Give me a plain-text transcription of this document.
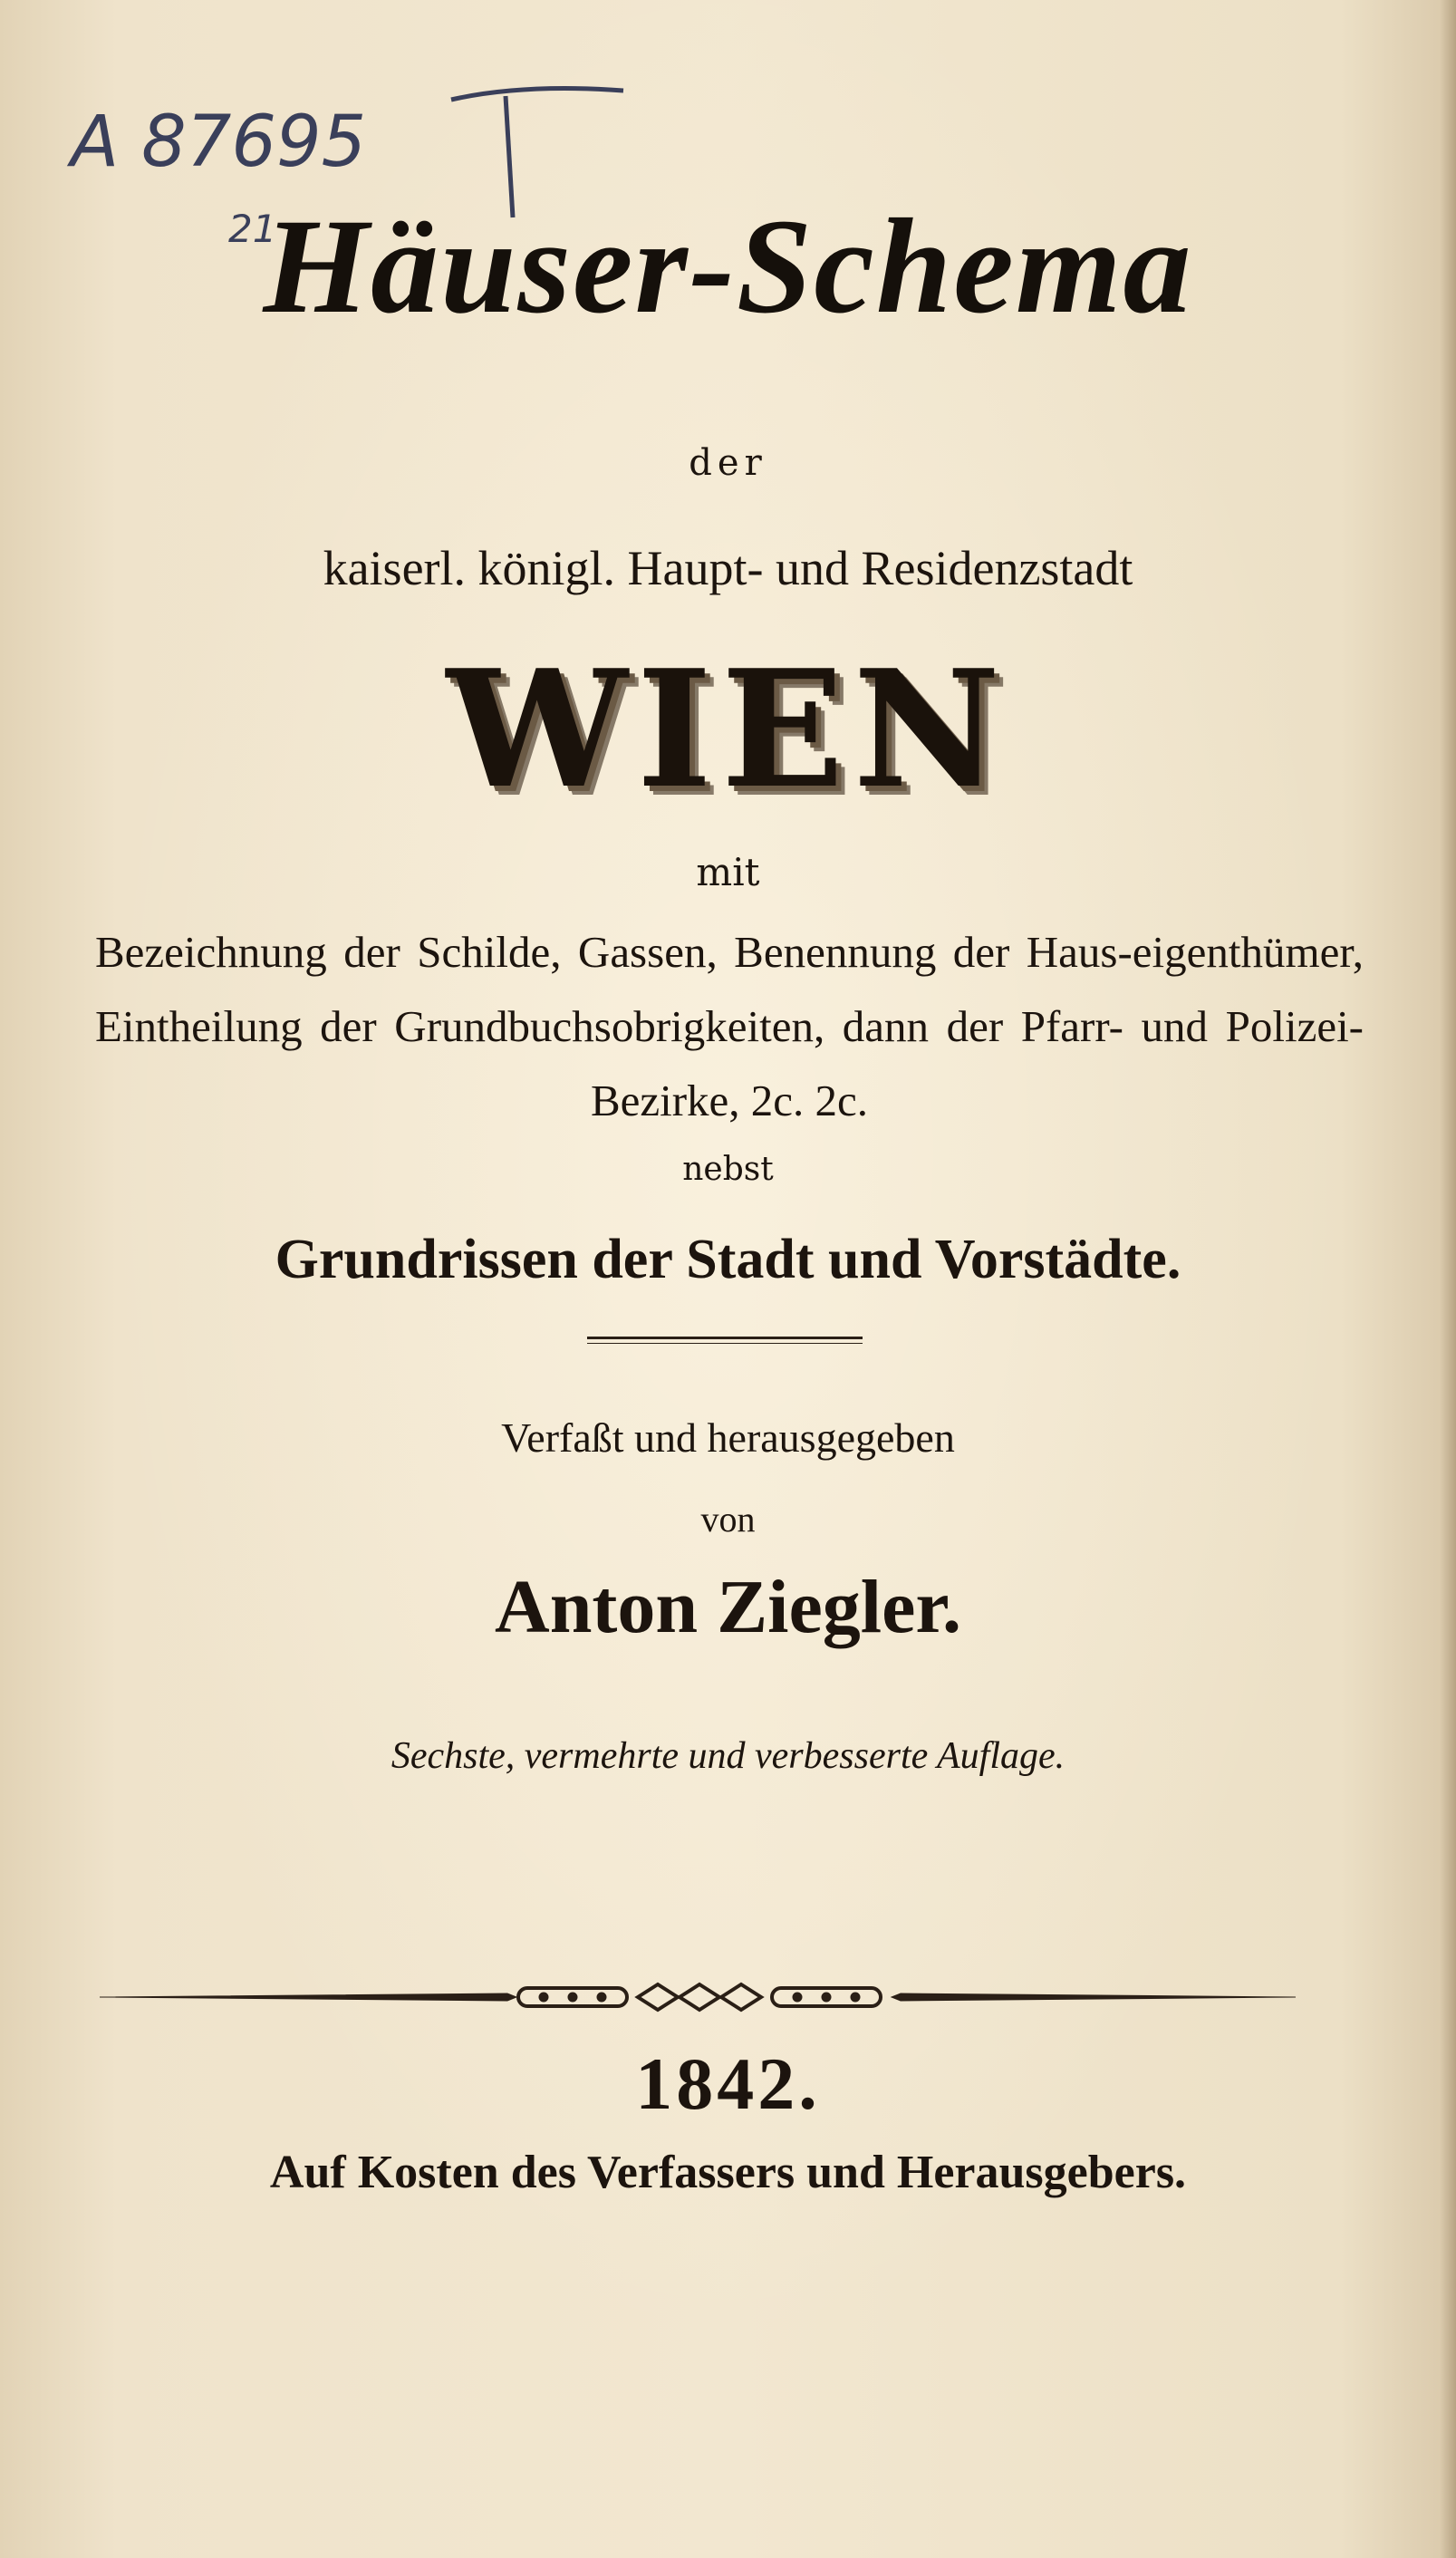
A 87695
21
Häuser-Schema
der
kaiserl. königl. Haupt- und Residenzstadt
WIEN
mit
Bezeichnung der Schilde, Gassen, Benennung der Haus-eigenthümer, Eintheilung der Grundbuchsobrigkeiten, dann der Pfarr- und Polizei-Bezirke, 2c. 2c.
nebst
Grundrissen der Stadt und Vorstädte.
Verfaßt und herausgegeben
von
Anton Ziegler.
Sechste, vermehrte und verbesserte Auflage.
1842.
Auf Kosten des Verfassers und Herausgebers.
